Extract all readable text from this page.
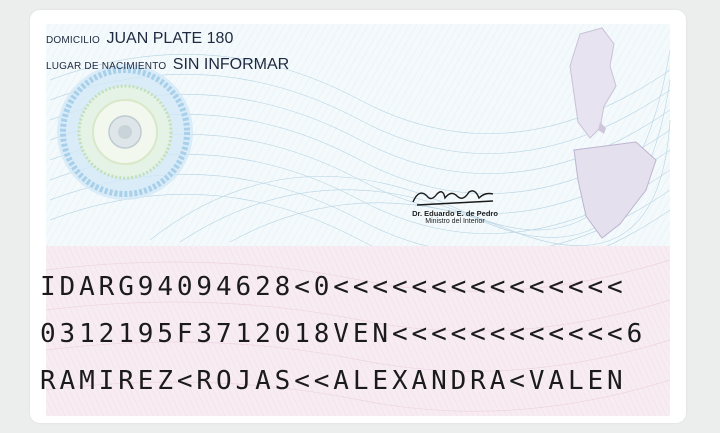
DOMICILIO JUAN PLATE 180
LUGAR DE NACIMIENTO SIN INFORMAR
Dr. Eduardo E. de Pedro
Ministro del Interior
IDARG94094628<0<<<<<<<<<<<<<<<
0312195F3712018VEN<<<<<<<<<<<<6
RAMIREZ<ROJAS<<ALEXANDRA<VALEN
